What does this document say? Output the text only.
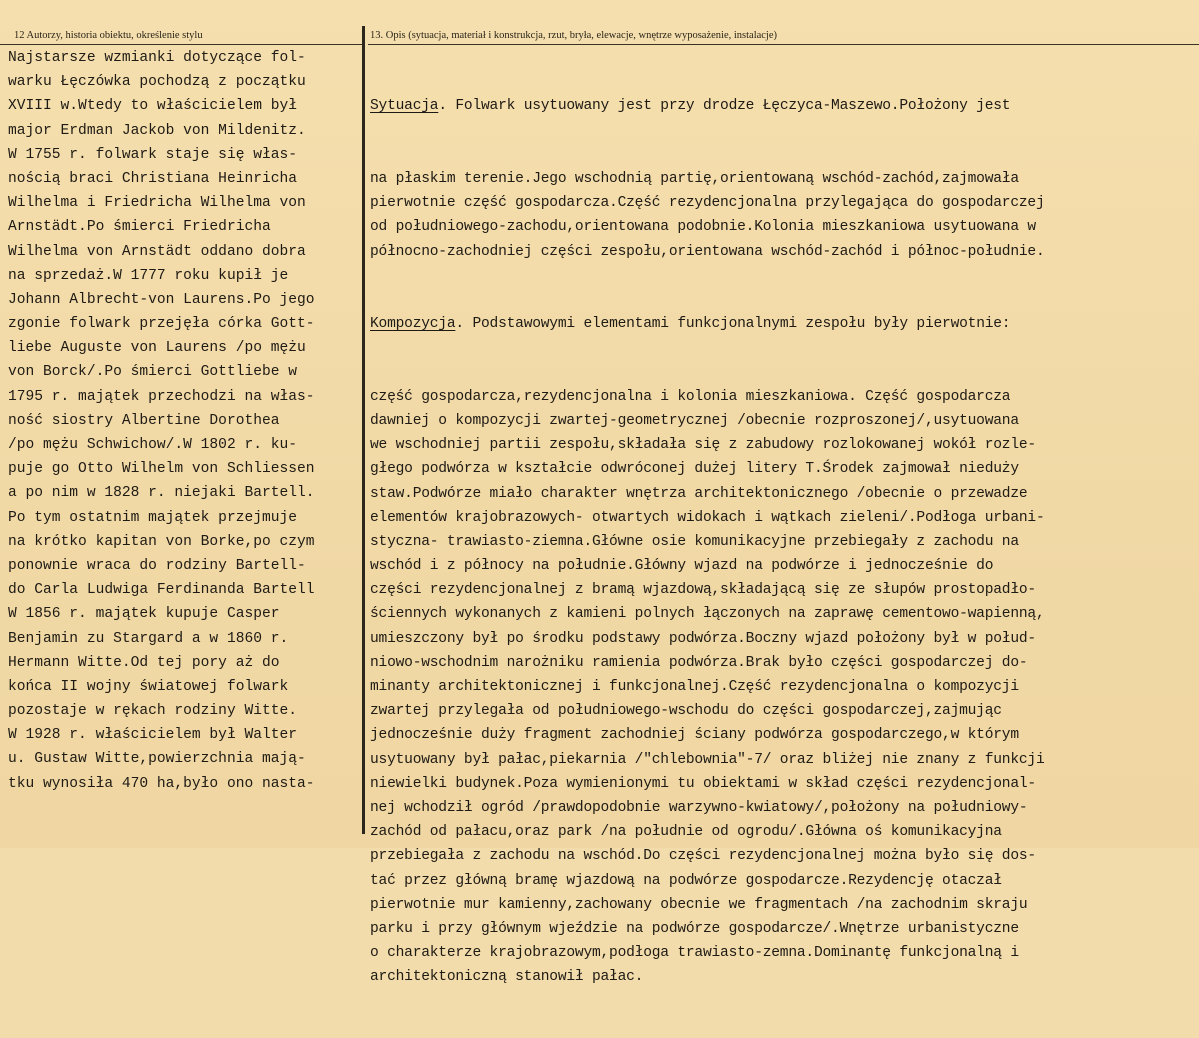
12 Autorzy, historia obiektu, określenie stylu	13. Opis (sytuacja, materiał i konstrukcja, rzut, bryła, elewacje, wnętrze wyposażenie, instalacje)
Najstarsze wzmianki dotyczące fol-
warku Łęczówka pochodzą z początku
XVIII w.Wtedy to właścicielem był
major Erdman Jackob von Mildenitz.
W 1755 r. folwark staje się włas-
nością braci Christiana Heinricha
Wilhelma i Friedricha Wilhelma von
Arnstädt.Po śmierci Friedricha
Wilhelma von Arnstädt oddano dobra
na sprzedaż.W 1777 roku kupił je
Johann Albrecht-von Laurens.Po jego
zgonie folwark przejęła córka Gott-
liebe Auguste von Laurens /po mężu
von Borck/.Po śmierci Gottliebe w
1795 r. majątek przechodzi na włas-
ność siostry Albertine Dorothea
/po mężu Schwichow/.W 1802 r. ku-
puje go Otto Wilhelm von Schliessen
a po nim w 1828 r. niejaki Bartell.
Po tym ostatnim majątek przejmuje
na krótko kapitan von Borke,po czym
ponownie wraca do rodziny Bartell-
do Carla Ludwiga Ferdinanda Bartell
W 1856 r. majątek kupuje Casper
Benjamin zu Stargard a w 1860 r.
Hermann Witte.Od tej pory aż do
końca II wojny światowej folwark
pozostaje w rękach rodziny Witte.
W 1928 r. właścicielem był Walter
u. Gustaw Witte,powierzchnia mają-
tku wynosiła 470 ha,było ono nasta-

Sytuacja. Folwark usytuowany jest przy drodze Łęczyca-Maszewo.Położony jest

na płaskim terenie.Jego wschodnią partię,orientowaną wschód-zachód,zajmowała
pierwotnie część gospodarcza.Część rezydencjonalna przylegająca do gospodarczej
od południowego-zachodu,orientowana podobnie.Kolonia mieszkaniowa usytuowana w
północno-zachodniej części zespołu,orientowana wschód-zachód i północ-południe.

Kompozycja. Podstawowymi elementami funkcjonalnymi zespołu były pierwotnie:

część gospodarcza,rezydencjonalna i kolonia mieszkaniowa. Część gospodarcza
dawniej o kompozycji zwartej-geometrycznej /obecnie rozproszonej/,usytuowana
we wschodniej partii zespołu,składała się z zabudowy rozlokowanej wokół rozle-
głego podwórza w kształcie odwróconej dużej litery T.Środek zajmował nieduży
staw.Podwórze miało charakter wnętrza architektonicznego /obecnie o przewadze
elementów krajobrazowych- otwartych widokach i wątkach zieleni/.Podłoga urbani-
styczna- trawiasto-ziemna.Główne osie komunikacyjne przebiegały z zachodu na
wschód i z północy na południe.Główny wjazd na podwórze i jednocześnie do
części rezydencjonalnej z bramą wjazdową,składającą się ze słupów prostopadło-
ściennych wykonanych z kamieni polnych łączonych na zaprawę cementowo-wapienną,
umieszczony był po środku podstawy podwórza.Boczny wjazd położony był w połud-
niowo-wschodnim narożniku ramienia podwórza.Brak było części gospodarczej do-
minanty architektonicznej i funkcjonalnej.Część rezydencjonalna o kompozycji
zwartej przylegała od południowego-wschodu do części gospodarczej,zajmując
jednocześnie duży fragment zachodniej ściany podwórza gospodarczego,w którym
usytuowany był pałac,piekarnia /"chlebownia"-7/ oraz bliżej nie znany z funkcji
niewielki budynek.Poza wymienionymi tu obiektami w skład części rezydencjonal-
nej wchodził ogród /prawdopodobnie warzywno-kwiatowy/,położony na południowy-
zachód od pałacu,oraz park /na południe od ogrodu/.Główna oś komunikacyjna
przebiegała z zachodu na wschód.Do części rezydencjonalnej można było się dos-
tać przez główną bramę wjazdową na podwórze gospodarcze.Rezydencję otaczał
pierwotnie mur kamienny,zachowany obecnie we fragmentach /na zachodnim skraju
parku i przy głównym wjeździe na podwórze gospodarcze/.Wnętrze urbanistyczne
o charakterze krajobrazowym,podłoga trawiasto-zemna.Dominantę funkcjonalną i
architektoniczną stanowił pałac.
